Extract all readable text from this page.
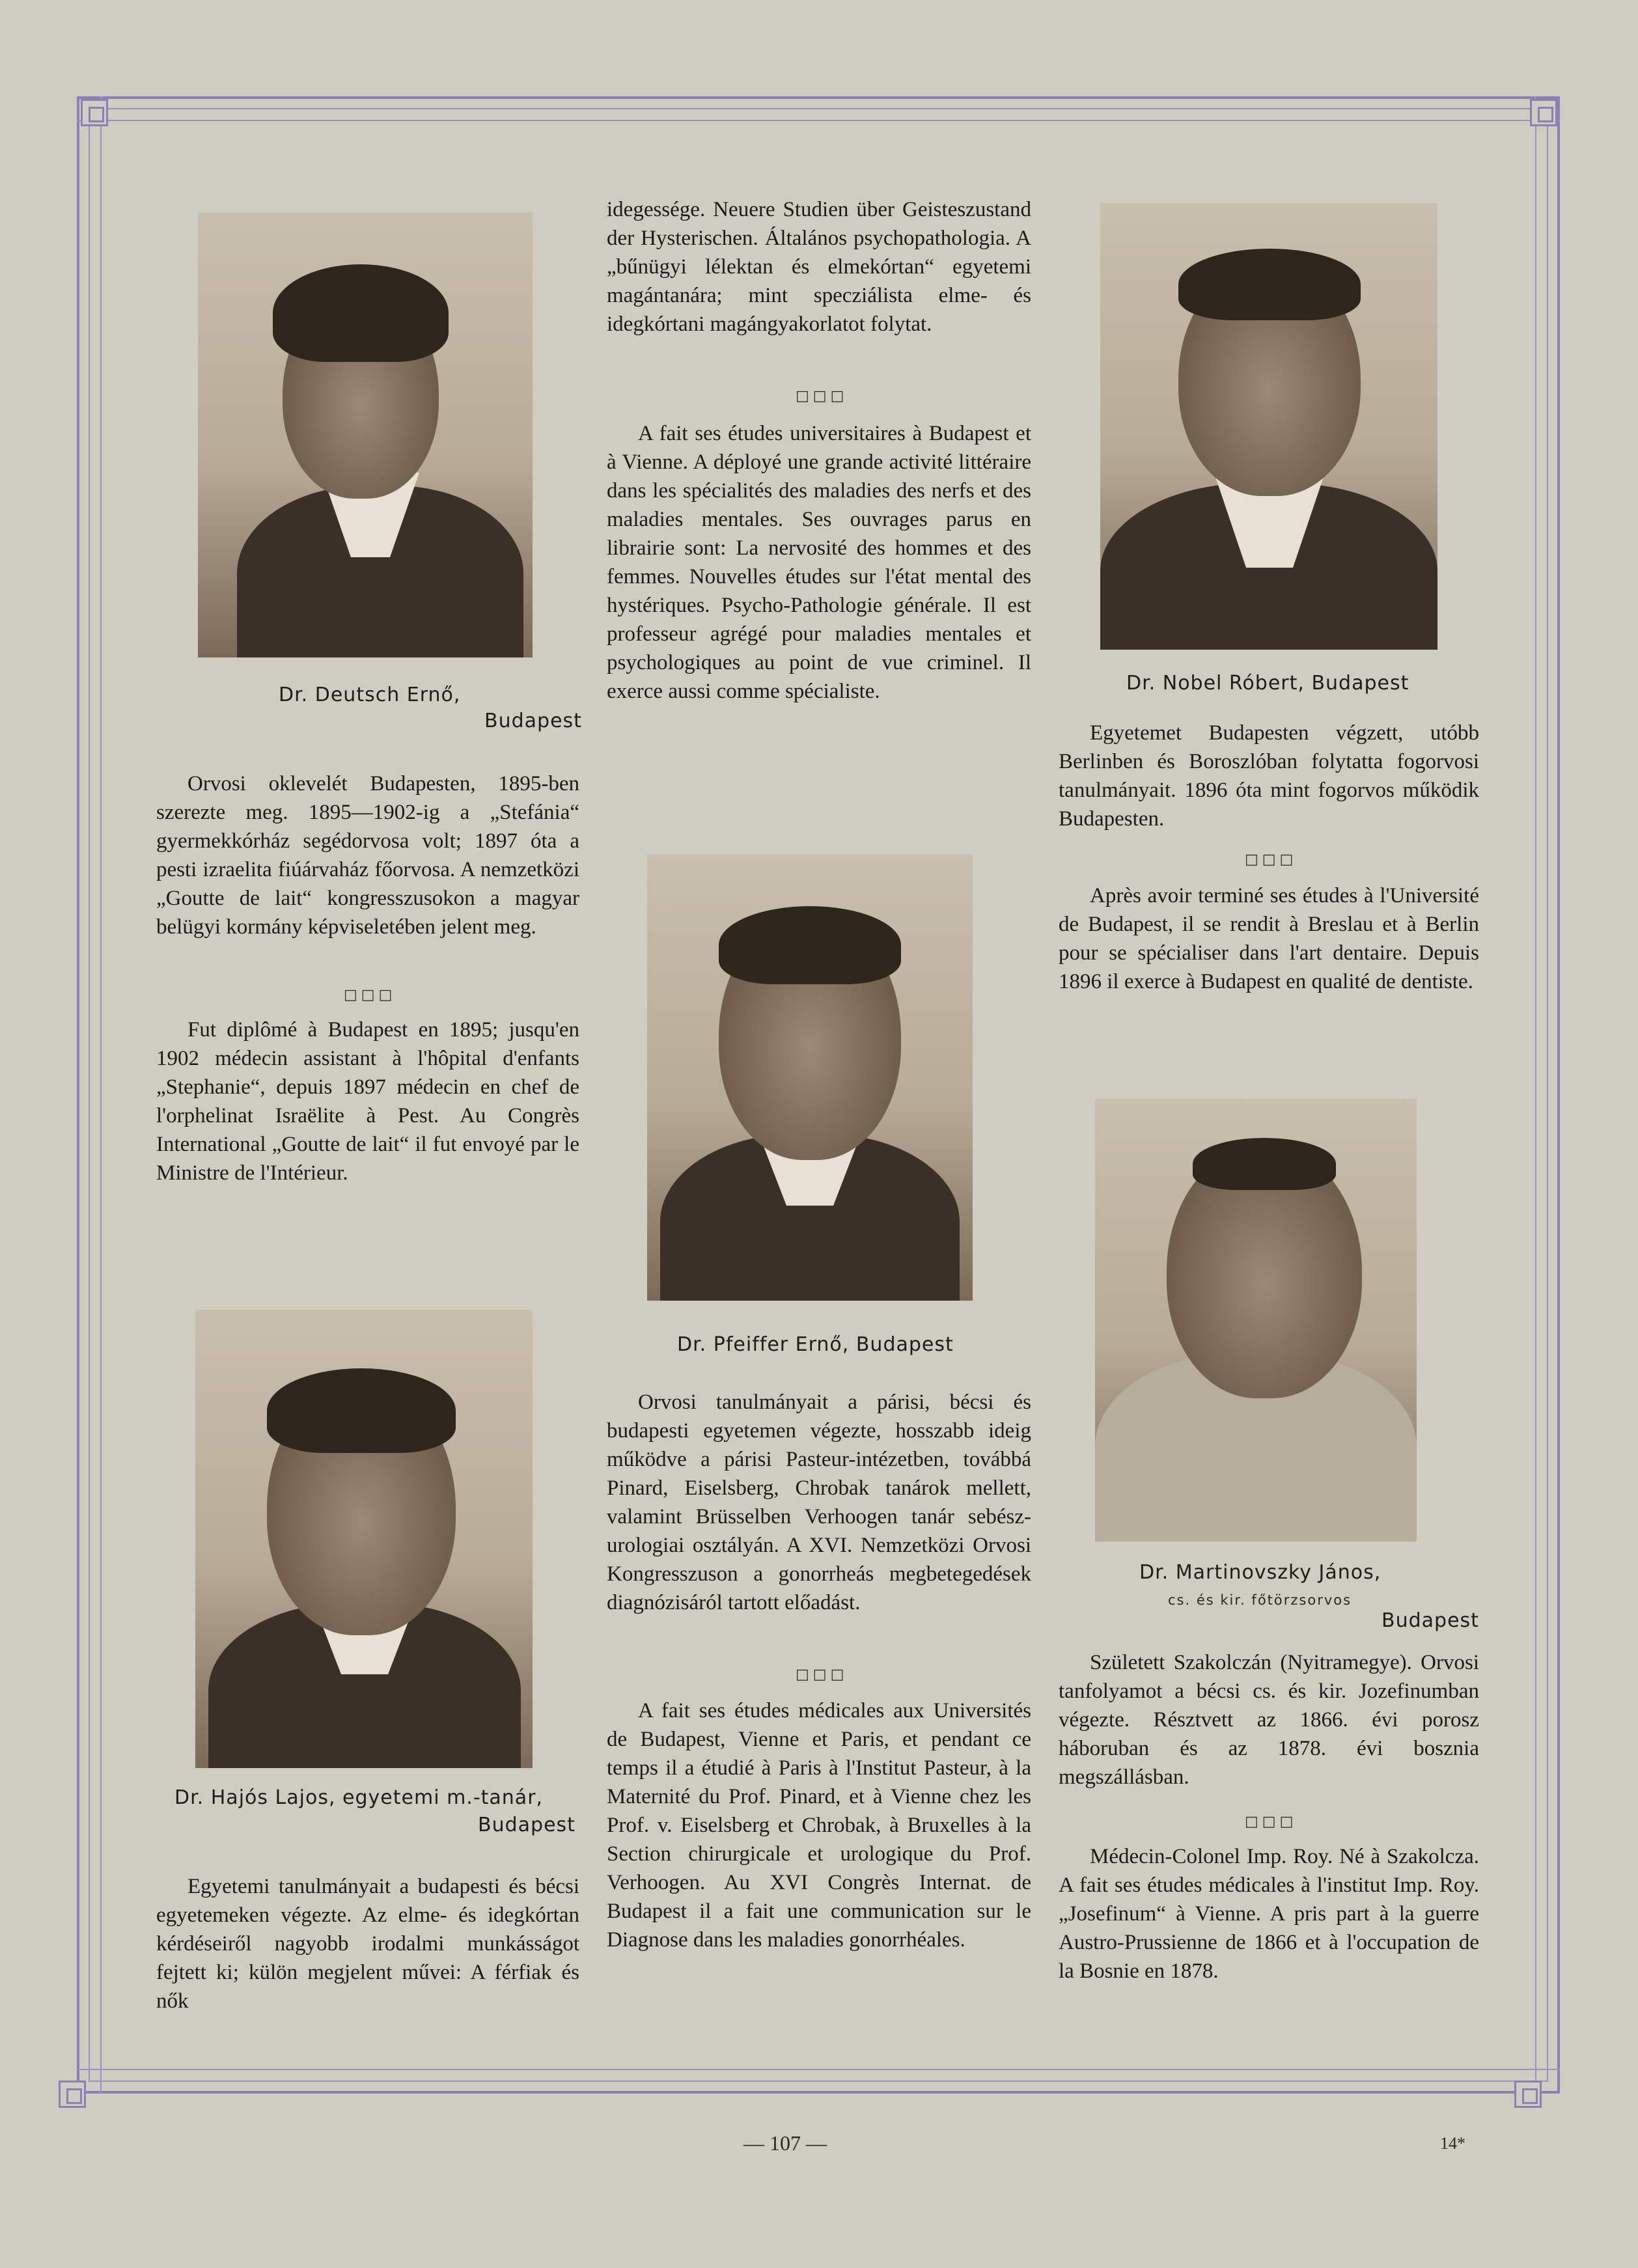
Dr. Deutsch Ernő,
Budapest

Orvosi oklevelét Budapesten, 1895-ben szerezte meg. 1895—1902-ig a „Stefánia“ gyermekkórház segédorvosa volt; 1897 óta a pesti izraelita fiúárvaház főorvosa. A nemzetközi „Goutte de lait“ kongresszusokon a magyar belügyi kormány képviseletében jelent meg.

□□□

Fut diplômé à Budapest en 1895; jusqu'en 1902 médecin assistant à l'hôpital d'enfants „Stephanie“, depuis 1897 médecin en chef de l'orphelinat Israëlite à Pest. Au Congrès International „Goutte de lait“ il fut envoyé par le Ministre de l'Intérieur.

Dr. Hajós Lajos, egyetemi m.-tanár,
Budapest

Egyetemi tanulmányait a budapesti és bécsi egyetemeken végezte. Az elme- és idegkórtan kérdéseiről nagyobb irodalmi munkásságot fejtett ki; külön megjelent művei: A férfiak és nők

idegessége. Neuere Studien über Geisteszustand der Hysterischen. Általános psychopathologia. A „bűnügyi lélektan és elmekórtan“ egyetemi magántanára; mint specziálista elme- és idegkórtani magángyakorlatot folytat.

□□□

A fait ses études universitaires à Budapest et à Vienne. A déployé une grande activité littéraire dans les spécialités des maladies des nerfs et des maladies mentales. Ses ouvrages parus en librairie sont: La nervosité des hommes et des femmes. Nouvelles études sur l'état mental des hystériques. Psycho-Pathologie générale. Il est professeur agrégé pour maladies mentales et psychologiques au point de vue criminel. Il exerce aussi comme spécialiste.

Dr. Pfeiffer Ernő, Budapest

Orvosi tanulmányait a párisi, bécsi és budapesti egyetemen végezte, hosszabb ideig működve a párisi Pasteur-intézetben, továbbá Pinard, Eiselsberg, Chrobak tanárok mellett, valamint Brüsselben Verhoogen tanár sebész-urologiai osztályán. A XVI. Nemzetközi Orvosi Kongresszuson a gonorrheás megbetegedések diagnózisáról tartott előadást.

□□□

A fait ses études médicales aux Universités de Budapest, Vienne et Paris, et pendant ce temps il a étudié à Paris à l'Institut Pasteur, à la Maternité du Prof. Pinard, et à Vienne chez les Prof. v. Eiselsberg et Chrobak, à Bruxelles à la Section chirurgicale et urologique du Prof. Verhoogen. Au XVI Congrès Internat. de Budapest il a fait une communication sur le Diagnose dans les maladies gonorrhéales.

Dr. Nobel Róbert, Budapest

Egyetemet Budapesten végzett, utóbb Berlinben és Boroszlóban folytatta fogorvosi tanulmányait. 1896 óta mint fogorvos működik Budapesten.

□□□

Après avoir terminé ses études à l'Université de Budapest, il se rendit à Breslau et à Berlin pour se spécialiser dans l'art dentaire. Depuis 1896 il exerce à Budapest en qualité de dentiste.

Dr. Martinovszky János,
cs. és kir. főtörzsorvos
Budapest

Született Szakolczán (Nyitramegye). Orvosi tanfolyamot a bécsi cs. és kir. Jozefinumban végezte. Résztvett az 1866. évi porosz háboruban és az 1878. évi bosznia megszállásban.

□□□

Médecin-Colonel Imp. Roy. Né à Szakolcza. A fait ses études médicales à l'institut Imp. Roy. „Josefinum“ à Vienne. A pris part à la guerre Austro-Prussienne de 1866 et à l'occupation de la Bosnie en 1878.

— 107 —	14*
